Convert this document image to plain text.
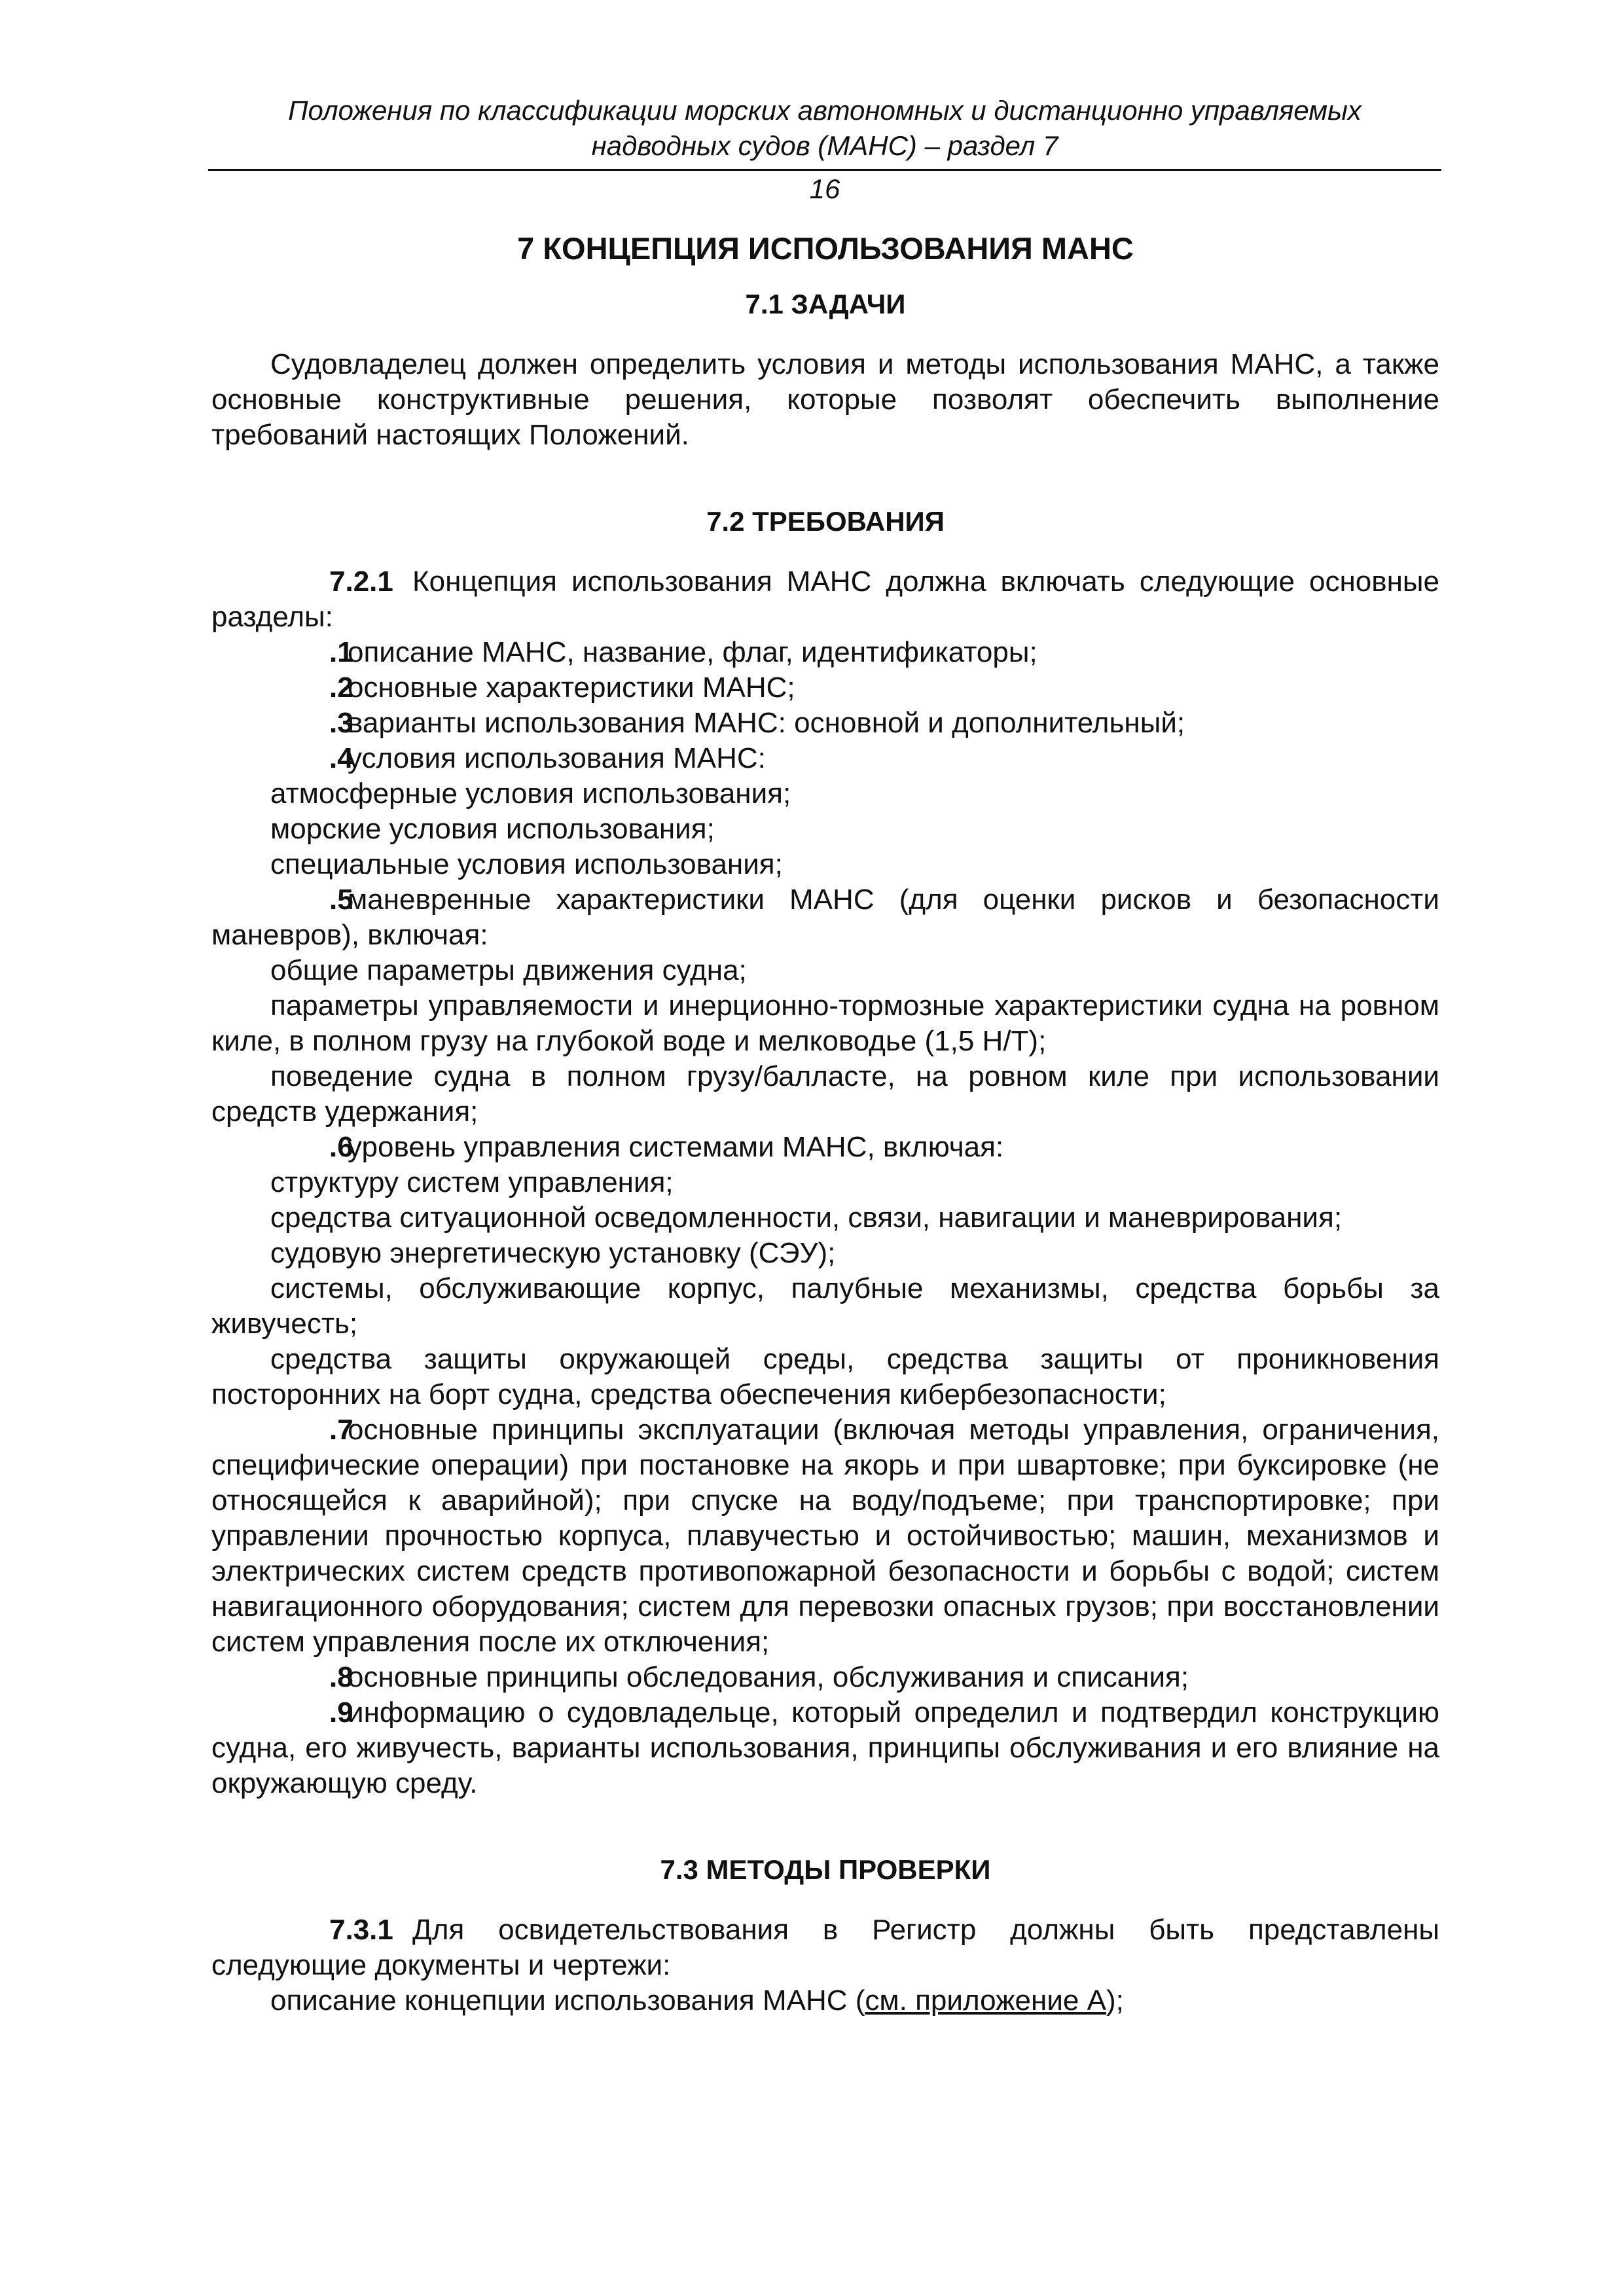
Положения по классификации морских автономных и дистанционно управляемых
надводных судов (МАНС) – раздел 7
16
7 КОНЦЕПЦИЯ ИСПОЛЬЗОВАНИЯ МАНС
7.1 ЗАДАЧИ

Судовладелец должен определить условия и методы использования МАНС, а также основные конструктивные решения, которые позволят обеспечить выполнение требований настоящих Положений.

7.2 ТРЕБОВАНИЯ

7.2.1 Концепция использования МАНС должна включать следующие основные разделы:

.1описание МАНС, название, флаг, идентификаторы;

.2основные характеристики МАНС;

.3варианты использования МАНС: основной и дополнительный;

.4условия использования МАНС:

атмосферные условия использования;

морские условия использования;

специальные условия использования;

.5маневренные характеристики МАНС (для оценки рисков и безопасности маневров), включая:

общие параметры движения судна;

параметры управляемости и инерционно-тормозные характеристики судна на ровном киле, в полном грузу на глубокой воде и мелководье (1,5 Н/Т);

поведение судна в полном грузу/балласте, на ровном киле при использовании средств удержания;

.6уровень управления системами МАНС, включая:

структуру систем управления;

средства ситуационной осведомленности, связи, навигации и маневрирования;

судовую энергетическую установку (СЭУ);

системы, обслуживающие корпус, палубные механизмы, средства борьбы за живучесть;

средства защиты окружающей среды, средства защиты от проникновения посторонних на борт судна, средства обеспечения кибербезопасности;

.7основные принципы эксплуатации (включая методы управления, ограничения, специфические операции) при постановке на якорь и при швартовке; при буксировке (не относящейся к аварийной); при спуске на воду/подъеме; при транспортировке; при управлении прочностью корпуса, плавучестью и остойчивостью; машин, механизмов и электрических систем средств противопожарной безопасности и борьбы с водой; систем навигационного оборудования; систем для перевозки опасных грузов; при восстановлении систем управления после их отключения;

.8основные принципы обследования, обслуживания и списания;

.9информацию о судовладельце, который определил и подтвердил конструкцию судна, его живучесть, варианты использования, принципы обслуживания и его влияние на окружающую среду.

7.3 МЕТОДЫ ПРОВЕРКИ

7.3.1 Для освидетельствования в Регистр должны быть представлены следующие документы и чертежи:

описание концепции использования МАНС (см. приложение А);
